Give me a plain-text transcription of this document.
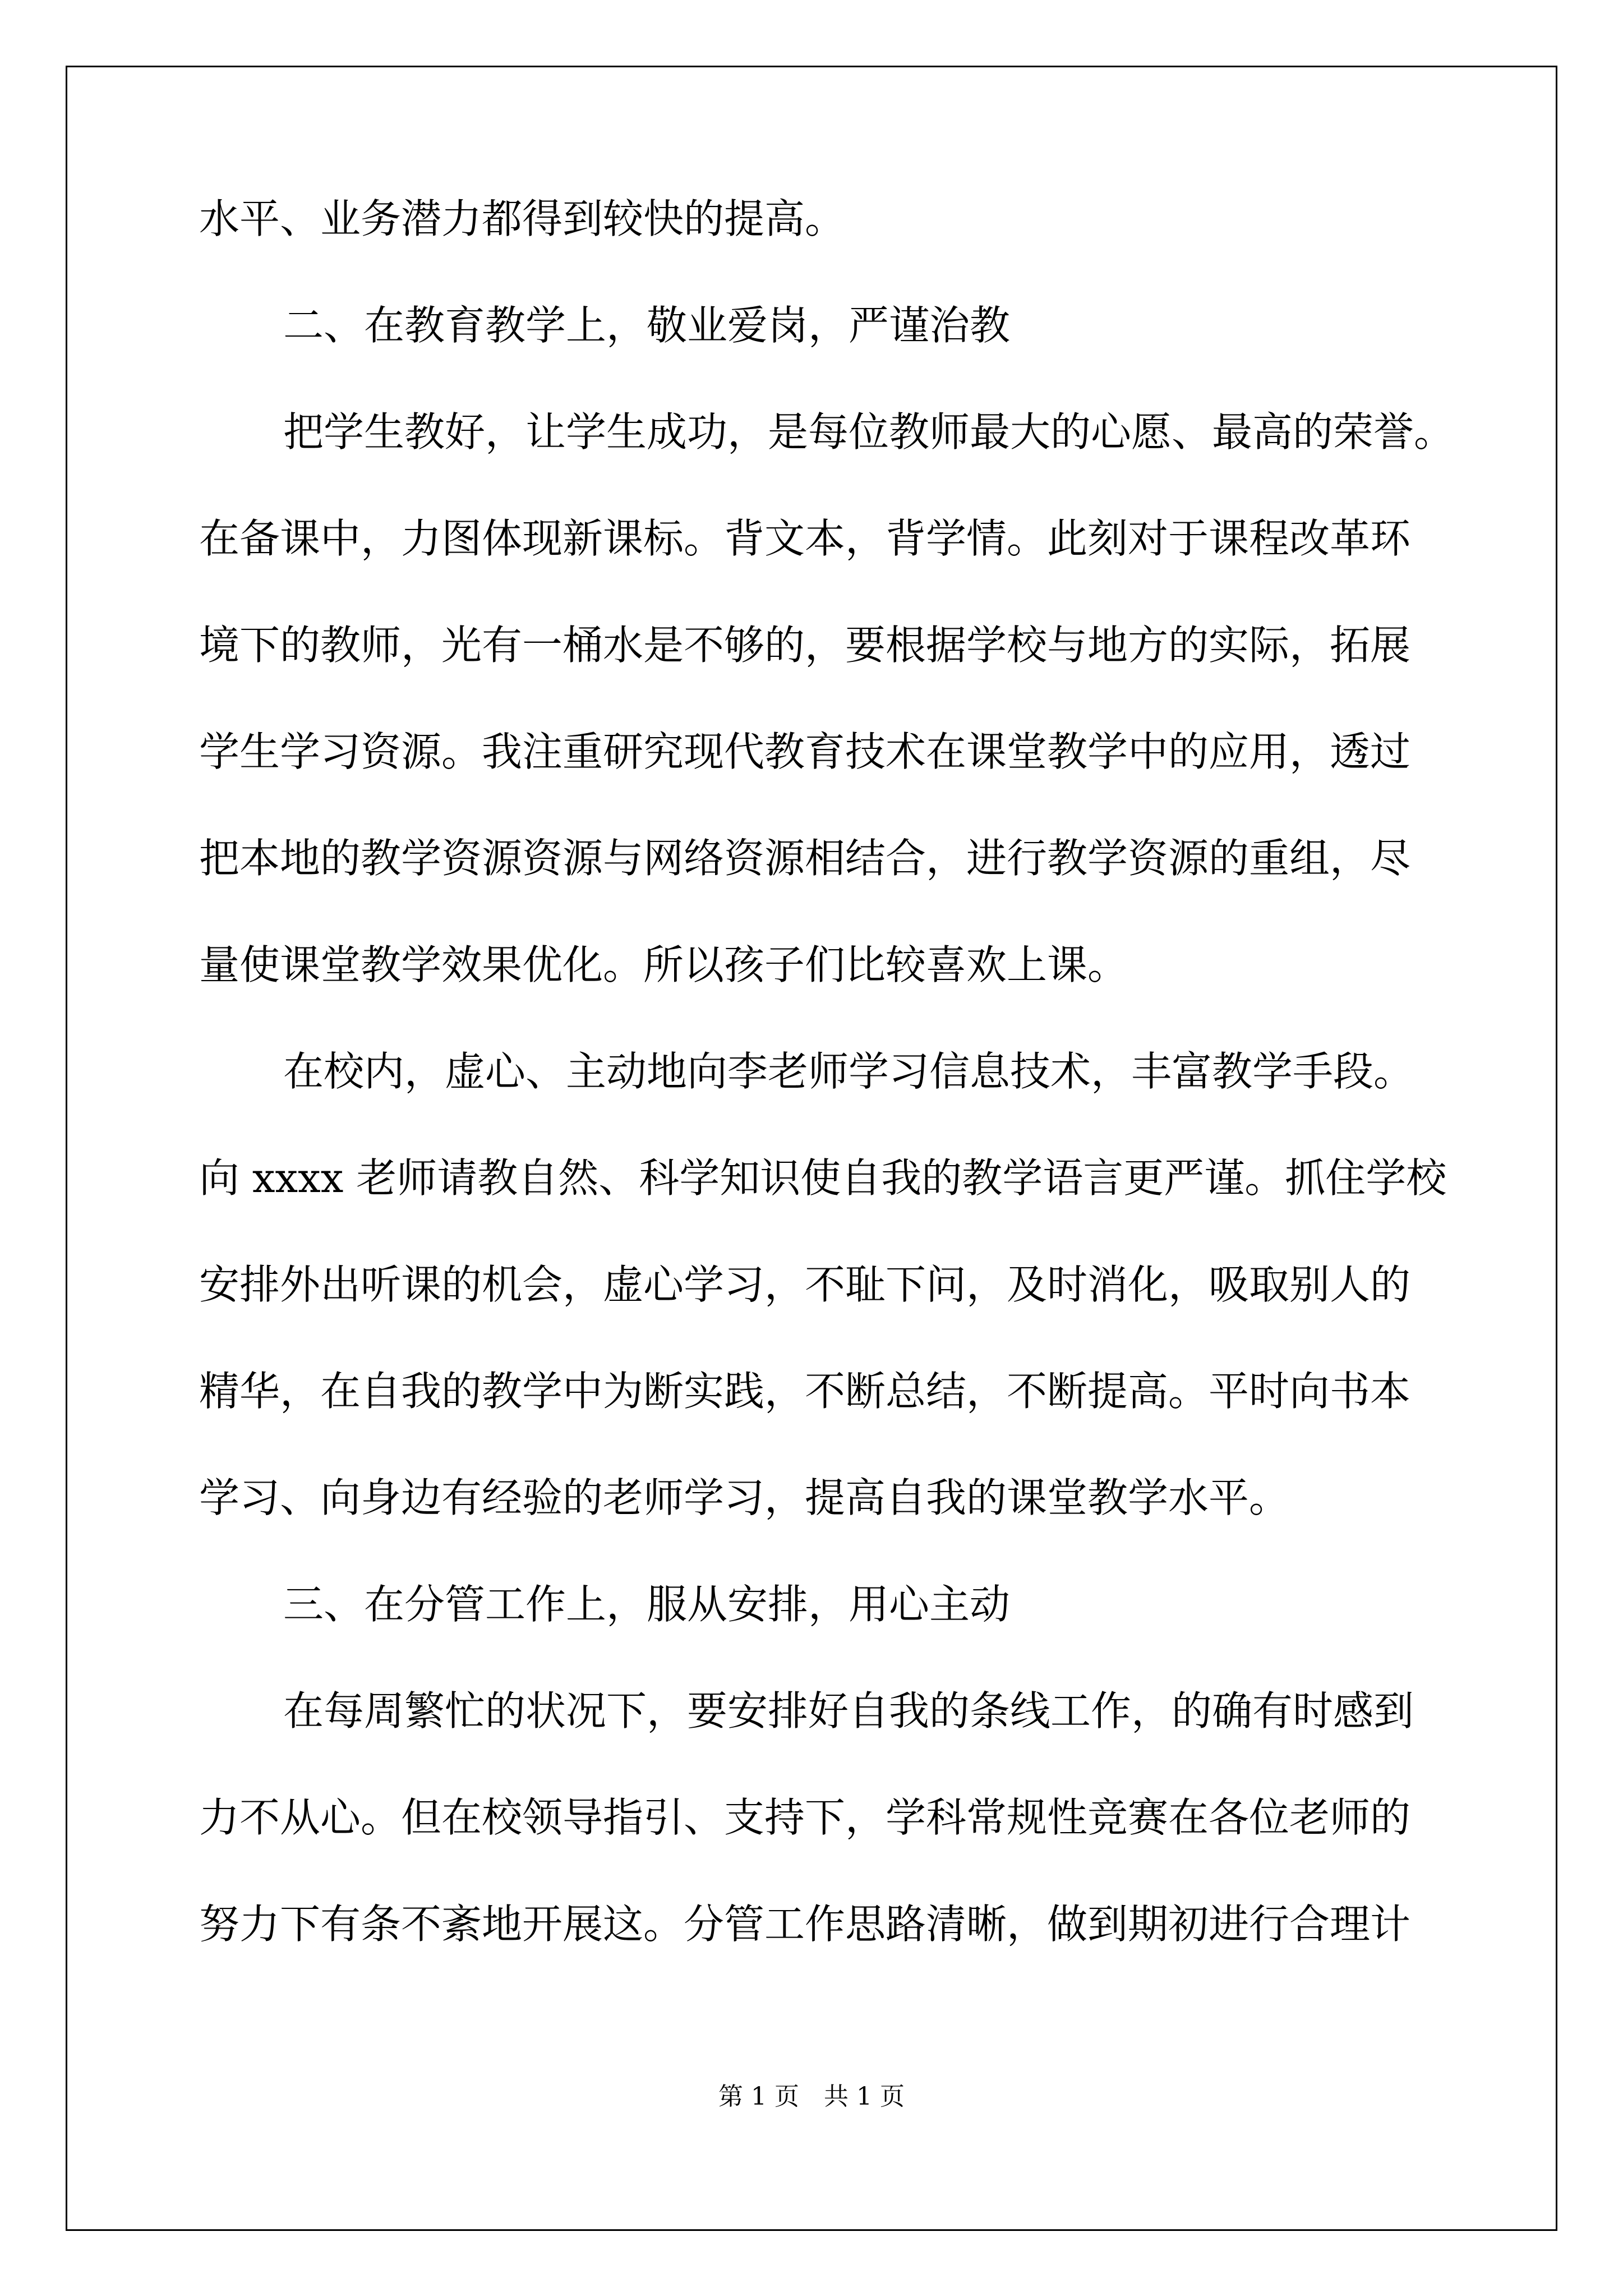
水平、业务潜力都得到较快的提高。
二、在教育教学上，敬业爱岗，严谨治教
把学生教好，让学生成功，是每位教师最大的心愿、最高的荣誉。
在备课中，力图体现新课标。背文本，背学情。此刻对于课程改革环
境下的教师，光有一桶水是不够的，要根据学校与地方的实际，拓展
学生学习资源。我注重研究现代教育技术在课堂教学中的应用，透过
把本地的教学资源资源与网络资源相结合，进行教学资源的重组，尽
量使课堂教学效果优化。所以孩子们比较喜欢上课。
在校内，虚心、主动地向李老师学习信息技术，丰富教学手段。
向 xxxx 老师请教自然、科学知识使自我的教学语言更严谨。抓住学校
安排外出听课的机会，虚心学习，不耻下问，及时消化，吸取别人的
精华，在自我的教学中为断实践，不断总结，不断提高。平时向书本
学习、向身边有经验的老师学习，提高自我的课堂教学水平。
三、在分管工作上，服从安排，用心主动
在每周繁忙的状况下，要安排好自我的条线工作，的确有时感到
力不从心。但在校领导指引、支持下，学科常规性竞赛在各位老师的
努力下有条不紊地开展这。分管工作思路清晰，做到期初进行合理计
第 1 页　共 1 页
